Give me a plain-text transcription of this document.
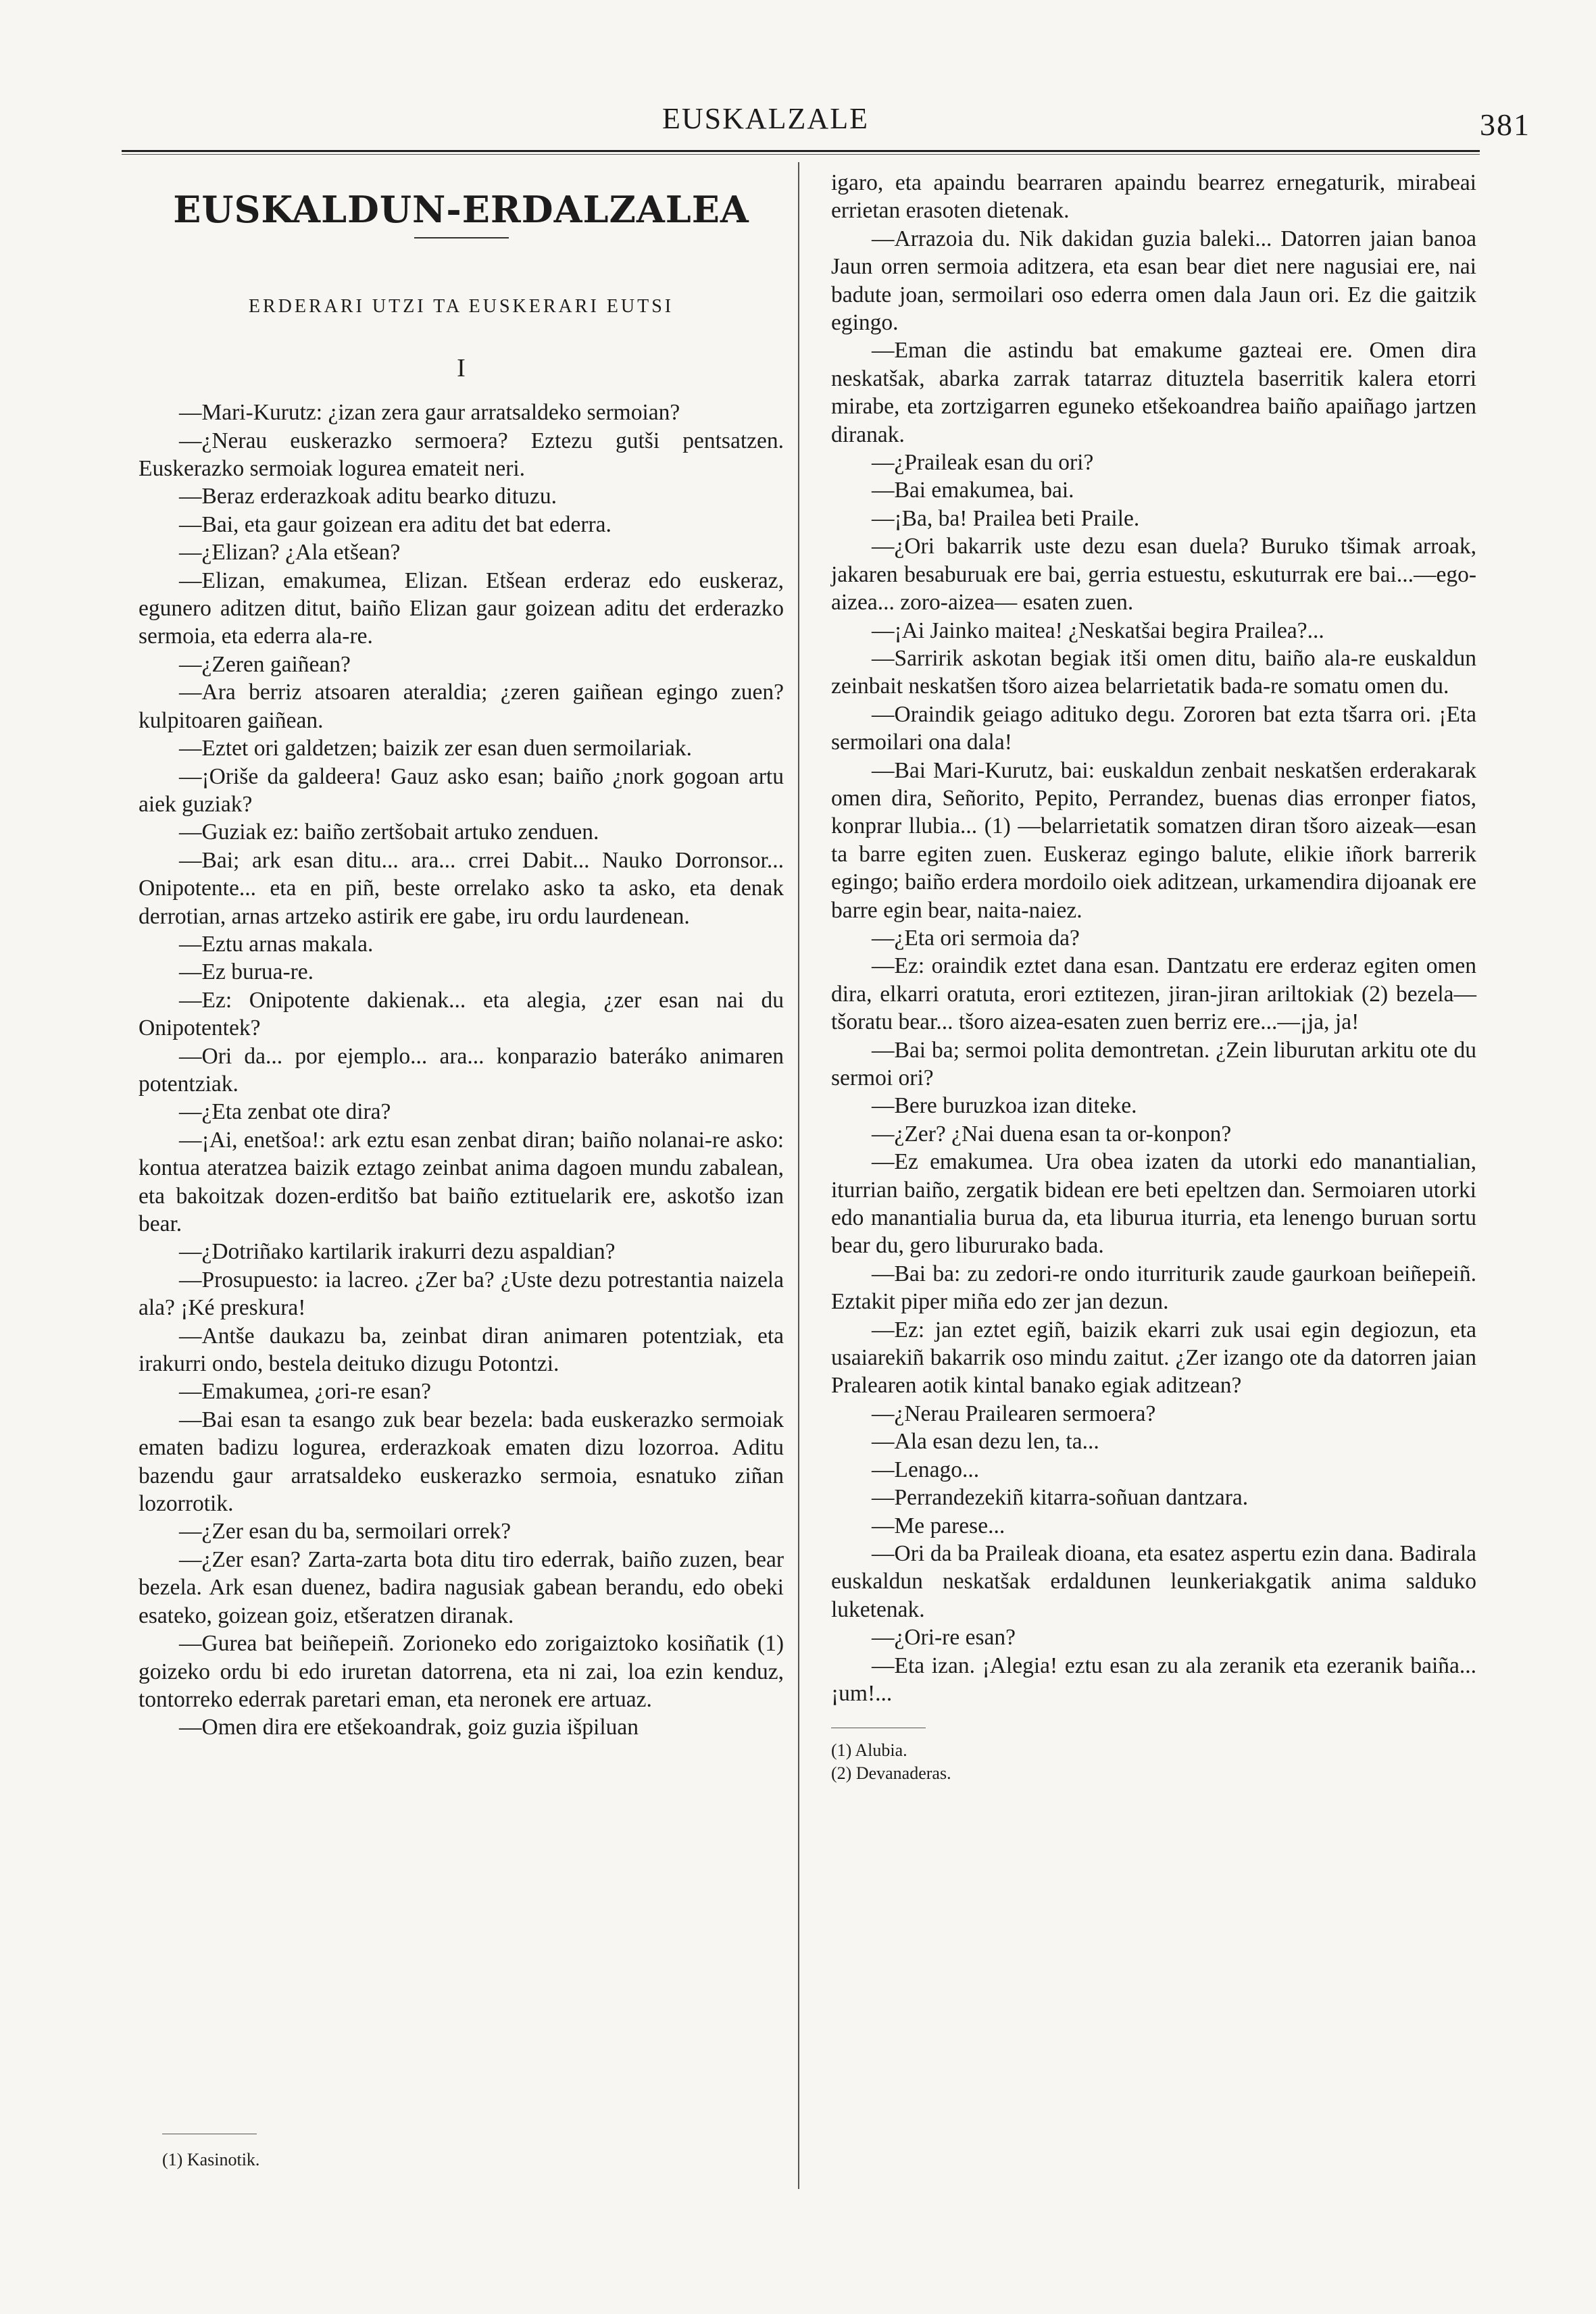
EUSKALZALE	381
EUSKALDUN-ERDALZALEA
ERDERARI UTZI TA EUSKERARI EUTSI
I

—Mari-Kurutz: ¿izan zera gaur arratsaldeko sermoian?

—¿Nerau euskerazko sermoera? Eztezu gutši pentsatzen. Euskerazko sermoiak logurea emateit neri.

—Beraz erderazkoak aditu bearko dituzu.

—Bai, eta gaur goizean era aditu det bat ederra.

—¿Elizan? ¿Ala etšean?

—Elizan, emakumea, Elizan. Etšean erderaz edo euskeraz, egunero aditzen ditut, baiño Elizan gaur goizean aditu det erderazko sermoia, eta ederra ala-re.

—¿Zeren gaiñean?

—Ara berriz atsoaren ateraldia; ¿zeren gaiñean egingo zuen? kulpitoaren gaiñean.

—Eztet ori galdetzen; baizik zer esan duen sermoilariak.

—¡Oriše da galdeera! Gauz asko esan; baiño ¿nork gogoan artu aiek guziak?

—Guziak ez: baiño zertšobait artuko zenduen.

—Bai; ark esan ditu... ara... crrei Dabit... Nauko Dorronsor... Onipotente... eta en piñ, beste orrelako asko ta asko, eta denak derrotian, arnas artzeko astirik ere gabe, iru ordu laurdenean.

—Eztu arnas makala.

—Ez burua-re.

—Ez: Onipotente dakienak... eta alegia, ¿zer esan nai du Onipotentek?

—Ori da... por ejemplo... ara... konparazio bateráko animaren potentziak.

—¿Eta zenbat ote dira?

—¡Ai, enetšoa!: ark eztu esan zenbat diran; baiño nolanai-re asko: kontua ateratzea baizik eztago zeinbat anima dagoen mundu zabalean, eta bakoitzak dozen-erditšo bat baiño eztituelarik ere, askotšo izan bear.

—¿Dotriñako kartilarik irakurri dezu aspaldian?

—Prosupuesto: ia lacreo. ¿Zer ba? ¿Uste dezu potrestantia naizela ala? ¡Ké preskura!

—Antše daukazu ba, zeinbat diran animaren potentziak, eta irakurri ondo, bestela deituko dizugu Potontzi.

—Emakumea, ¿ori-re esan?

—Bai esan ta esango zuk bear bezela: bada euskerazko sermoiak ematen badizu logurea, erderazkoak ematen dizu lozorroa. Aditu bazendu gaur arratsaldeko euskerazko sermoia, esnatuko ziñan lozorrotik.

—¿Zer esan du ba, sermoilari orrek?

—¿Zer esan? Zarta-zarta bota ditu tiro ederrak, baiño zuzen, bear bezela. Ark esan duenez, badira nagusiak gabean berandu, edo obeki esateko, goizean goiz, etšeratzen diranak.

—Gurea bat beiñepeiñ. Zorioneko edo zorigaiztoko kosiñatik (1) goizeko ordu bi edo iruretan datorrena, eta ni zai, loa ezin kenduz, tontorreko ederrak paretari eman, eta neronek ere artuaz.

—Omen dira ere etšekoandrak, goiz guzia išpiluan

igaro, eta apaindu bearraren apaindu bearrez ernegaturik, mirabeai errietan erasoten dietenak.

—Arrazoia du. Nik dakidan guzia baleki... Datorren jaian banoa Jaun orren sermoia aditzera, eta esan bear diet nere nagusiai ere, nai badute joan, sermoilari oso ederra omen dala Jaun ori. Ez die gaitzik egingo.

—Eman die astindu bat emakume gazteai ere. Omen dira neskatšak, abarka zarrak tatarraz dituztela baserritik kalera etorri mirabe, eta zortzigarren eguneko etšekoandrea baiño apaiñago jartzen diranak.

—¿Praileak esan du ori?

—Bai emakumea, bai.

—¡Ba, ba! Prailea beti Praile.

—¿Ori bakarrik uste dezu esan duela? Buruko tšimak arroak, jakaren besaburuak ere bai, gerria estuestu, eskuturrak ere bai...—ego-aizea... zoro-aizea— esaten zuen.

—¡Ai Jainko maitea! ¿Neskatšai begira Prailea?...

—Sarririk askotan begiak itši omen ditu, baiño ala-re euskaldun zeinbait neskatšen tšoro aizea belarrietatik bada-re somatu omen du.

—Oraindik geiago adituko degu. Zororen bat ezta tšarra ori. ¡Eta sermoilari ona dala!

—Bai Mari-Kurutz, bai: euskaldun zenbait neskatšen erderakarak omen dira, Señorito, Pepito, Perrandez, buenas dias erronper fiatos, konprar llubia... (1) —belarrietatik somatzen diran tšoro aizeak—esan ta barre egiten zuen. Euskeraz egingo balute, elikie iñork barrerik egingo; baiño erdera mordoilo oiek aditzean, urkamendira dijoanak ere barre egin bear, naita-naiez.

—¿Eta ori sermoia da?

—Ez: oraindik eztet dana esan. Dantzatu ere erderaz egiten omen dira, elkarri oratuta, erori eztitezen, jiran-jiran ariltokiak (2) bezela—tšoratu bear... tšoro aizea-esaten zuen berriz ere...—¡ja, ja!

—Bai ba; sermoi polita demontretan. ¿Zein liburutan arkitu ote du sermoi ori?

—Bere buruzkoa izan diteke.

—¿Zer? ¿Nai duena esan ta or-konpon?

—Ez emakumea. Ura obea izaten da utorki edo manantialian, iturrian baiño, zergatik bidean ere beti epeltzen dan. Sermoiaren utorki edo manantialia burua da, eta liburua iturria, eta lenengo buruan sortu bear du, gero libururako bada.

—Bai ba: zu zedori-re ondo iturriturik zaude gaurkoan beiñepeiñ. Eztakit piper miña edo zer jan dezun.

—Ez: jan eztet egiñ, baizik ekarri zuk usai egin degiozun, eta usaiarekiñ bakarrik oso mindu zaitut. ¿Zer izango ote da datorren jaian Pralearen aotik kintal banako egiak aditzean?

—¿Nerau Prailearen sermoera?

—Ala esan dezu len, ta...

—Lenago...

—Perrandezekiñ kitarra-soñuan dantzara.

—Me parese...

—Ori da ba Praileak dioana, eta esatez aspertu ezin dana. Badirala euskaldun neskatšak erdaldunen leunkeriakgatik anima salduko luketenak.

—¿Ori-re esan?

—Eta izan. ¡Alegia! eztu esan zu ala zeranik eta ezeranik baiña... ¡um!...

(1) Alubia.
(2) Devanaderas.
(1) Kasinotik.
